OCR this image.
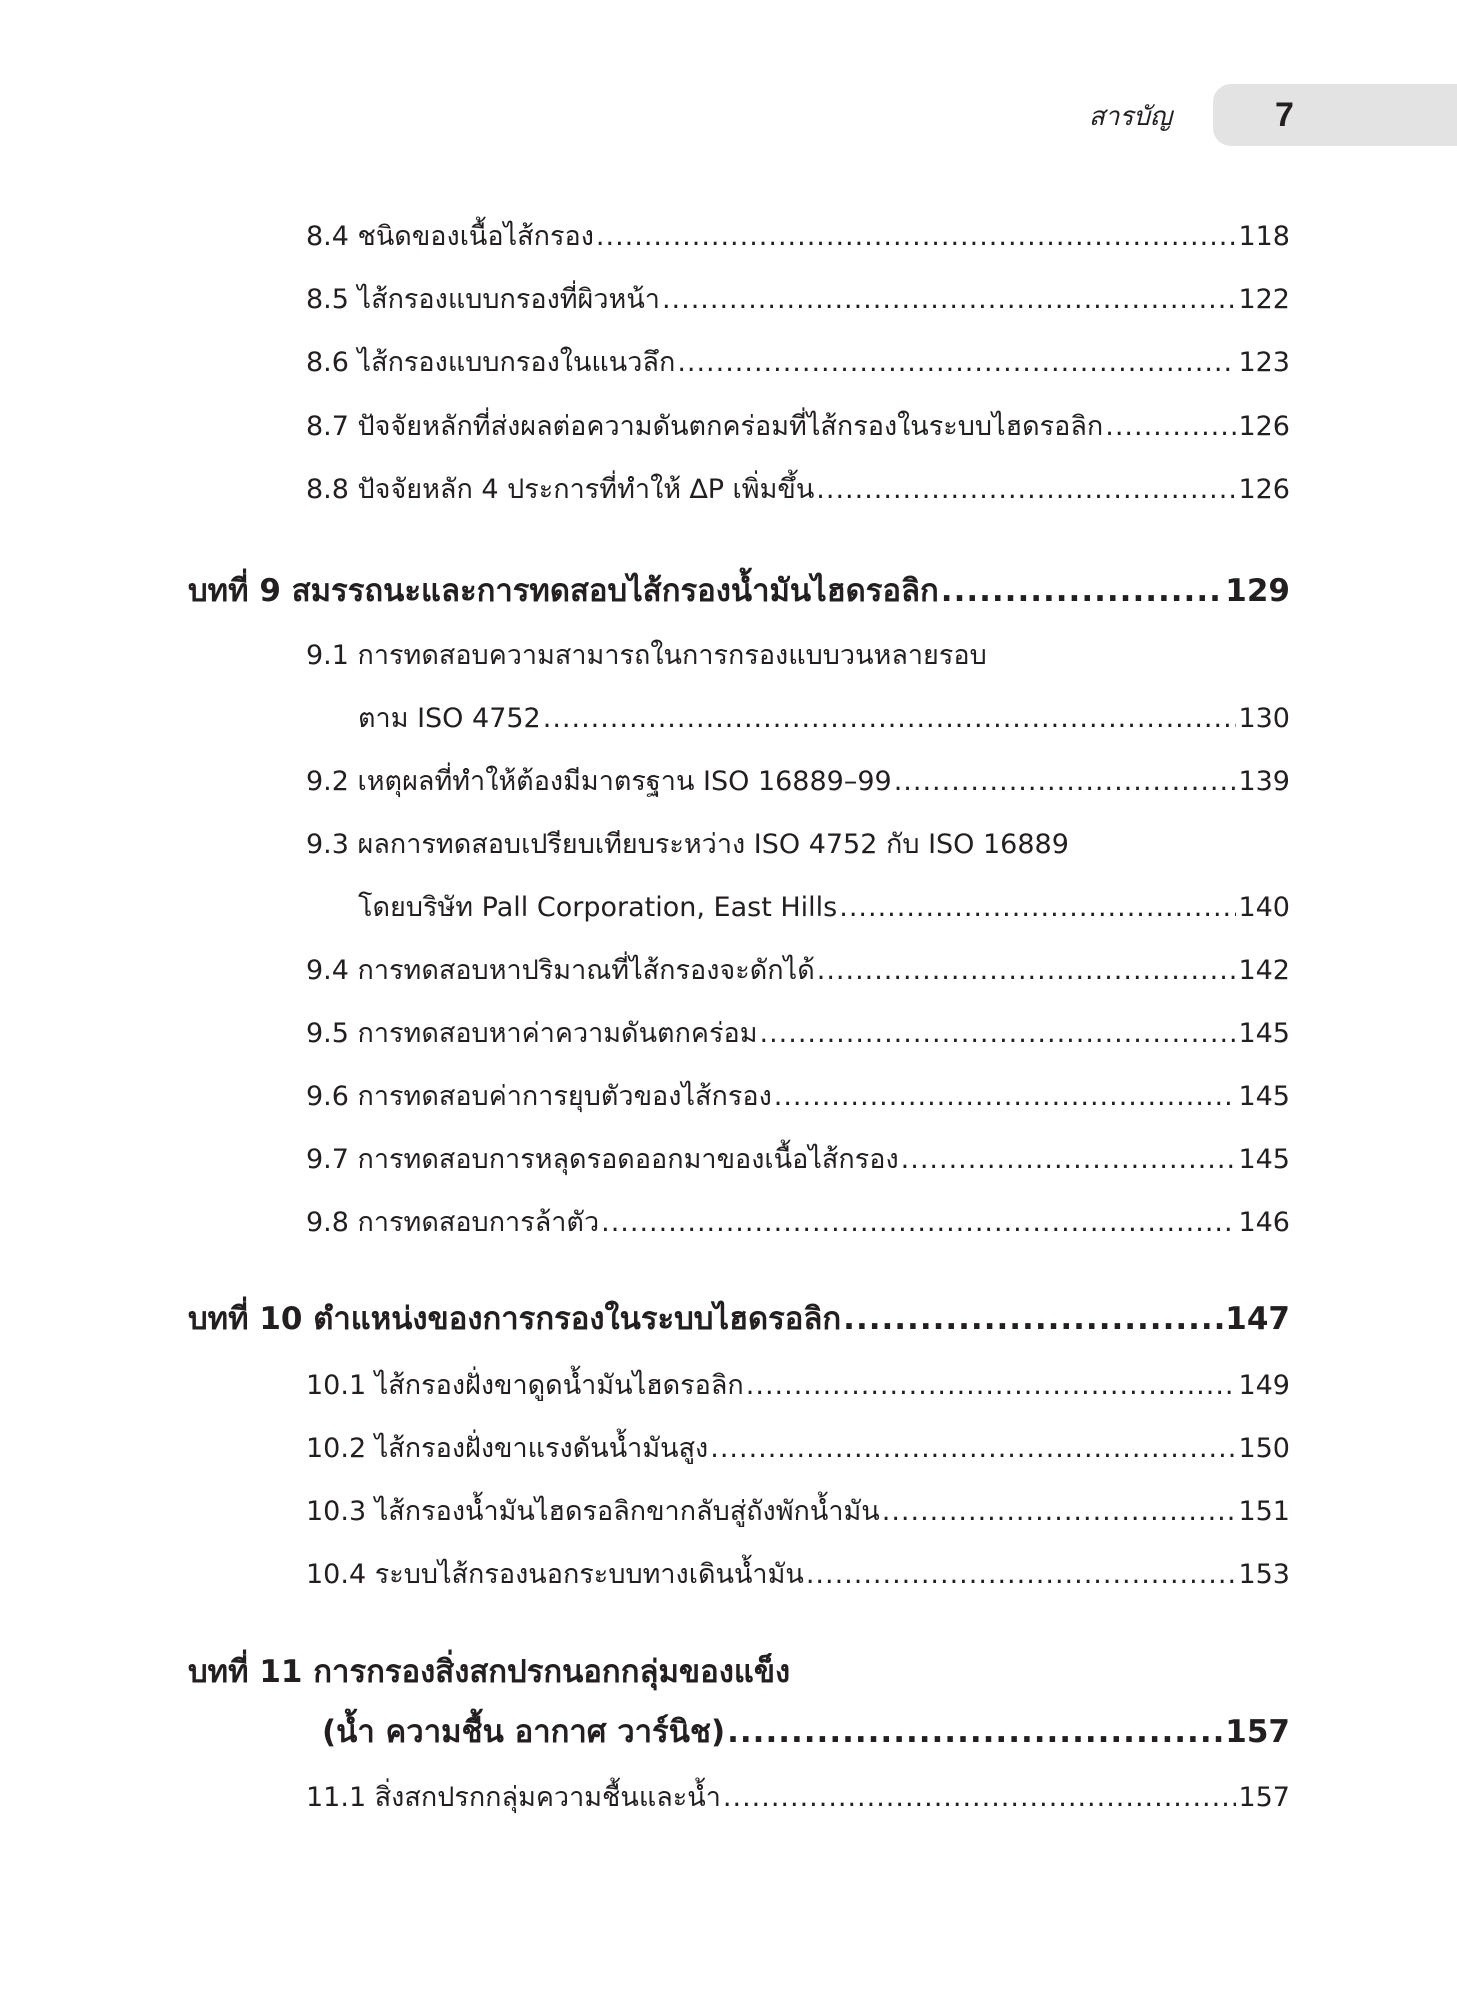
สารบัญ	7
8.4 ชนิดของเนื้อไส้กรอง .....	118
8.5 ไส้กรองแบบกรองที่ผิวหน้า .....	122
8.6 ไส้กรองแบบกรองในแนวลึก .....	123
8.7 ปัจจัยหลักที่ส่งผลต่อความดันตกคร่อมที่ไส้กรองในระบบไฮดรอลิก .....	126
8.8 ปัจจัยหลัก 4 ประการที่ทำให้ ∆P เพิ่มขึ้น .....	126
บทที่ 9 สมรรถนะและการทดสอบไส้กรองน้ำมันไฮดรอลิก .....	129
9.1 การทดสอบความสามารถในการกรองแบบวนหลายรอบ
ตาม ISO 4752 .....	130
9.2 เหตุผลที่ทำให้ต้องมีมาตรฐาน ISO 16889–99 .....	139
9.3 ผลการทดสอบเปรียบเทียบระหว่าง ISO 4752 กับ ISO 16889
โดยบริษัท Pall Corporation, East Hills .....	140
9.4 การทดสอบหาปริมาณที่ไส้กรองจะดักได้ .....	142
9.5 การทดสอบหาค่าความดันตกคร่อม .....	145
9.6 การทดสอบค่าการยุบตัวของไส้กรอง .....	145
9.7 การทดสอบการหลุดรอดออกมาของเนื้อไส้กรอง .....	145
9.8 การทดสอบการล้าตัว .....	146
บทที่ 10 ตำแหน่งของการกรองในระบบไฮดรอลิก .....	147
10.1 ไส้กรองฝั่งขาดูดน้ำมันไฮดรอลิก .....	149
10.2 ไส้กรองฝั่งขาแรงดันน้ำมันสูง .....	150
10.3 ไส้กรองน้ำมันไฮดรอลิกขากลับสู่ถังพักน้ำมัน .....	151
10.4 ระบบไส้กรองนอกระบบทางเดินน้ำมัน .....	153
บทที่ 11 การกรองสิ่งสกปรกนอกกลุ่มของแข็ง
(น้ำ ความชื้น อากาศ วาร์นิช) .....	157
11.1 สิ่งสกปรกกลุ่มความชื้นและน้ำ .....	157
